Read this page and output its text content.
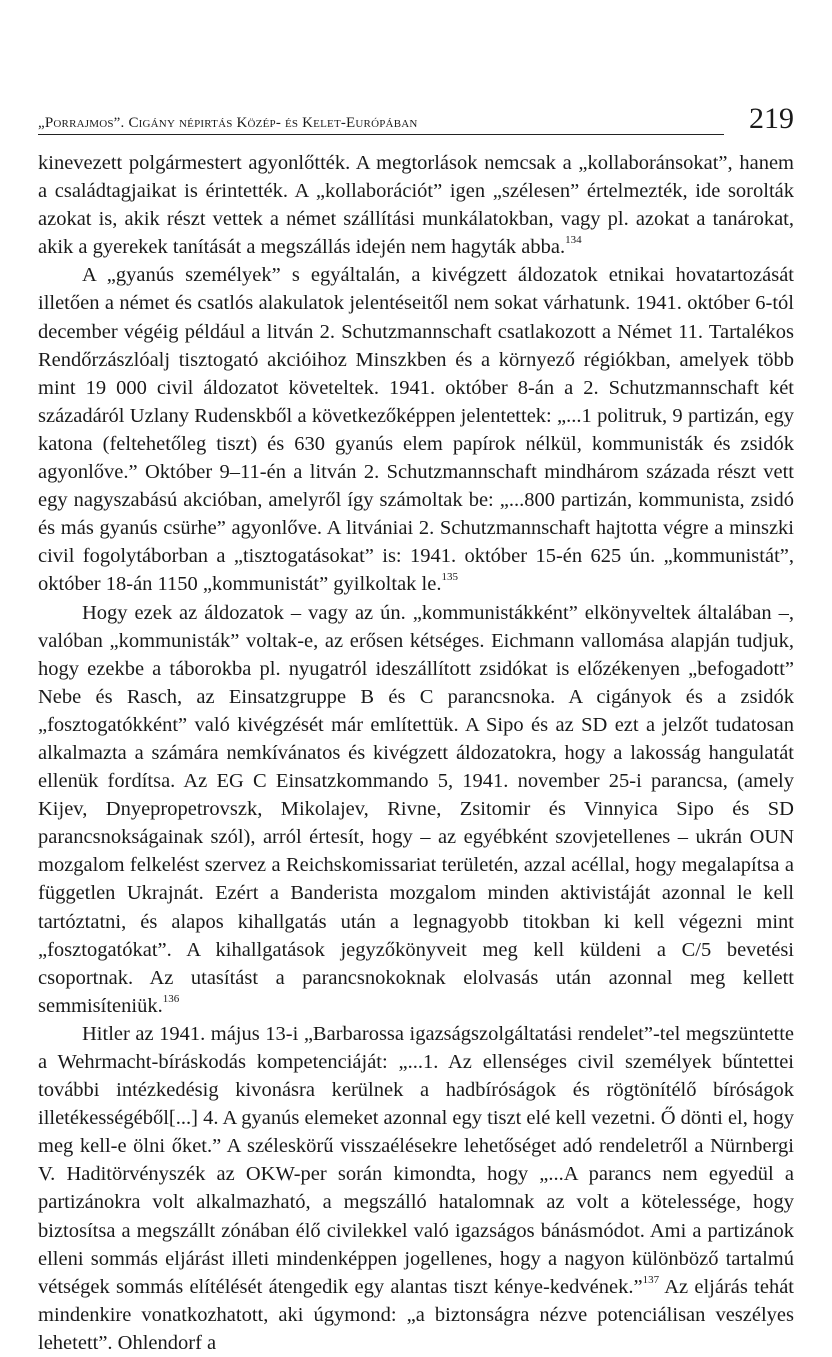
„Porrajmos”. Cigány népirtás Közép- és Kelet-Európában	219

kinevezett polgármestert agyonlőtték. A megtorlások nemcsak a „kollaboránsokat”, hanem a családtagjaikat is érintették. A „kollaborációt” igen „szélesen” értelmezték, ide sorolták azokat is, akik részt vettek a német szállítási munkálatokban, vagy pl. azokat a tanárokat, akik a gyerekek tanítását a megszállás idején nem hagyták abba.$^{134}$

A „gyanús személyek” s egyáltalán, a kivégzett áldozatok etnikai hovatartozását illetően a német és csatlós alakulatok jelentéseitől nem sokat várhatunk. 1941. október 6-tól december végéig például a litván 2. Schutzmannschaft csatlakozott a Német 11. Tartalékos Rendőrzászlóalj tisztogató akcióihoz Minszkben és a környező régiókban, amelyek több mint 19 000 civil áldozatot követeltek. 1941. október 8-án a 2. Schutzmannschaft két századáról Uzlany Rudenskből a következőképpen jelentettek: „...1 politruk, 9 partizán, egy katona (feltehetőleg tiszt) és 630 gyanús elem papírok nélkül, kommunisták és zsidók agyonlőve.” Október 9–11-én a litván 2. Schutzmannschaft mindhárom százada részt vett egy nagyszabású akcióban, amelyről így számoltak be: „...800 partizán, kommunista, zsidó és más gyanús csürhe” agyonlőve. A litvániai 2. Schutzmannschaft hajtotta végre a minszki civil fogolytáborban a „tisztogatásokat” is: 1941. október 15-én 625 ún. „kommunistát”, október 18-án 1150 „kommunistát” gyilkoltak le.$^{135}$

Hogy ezek az áldozatok – vagy az ún. „kommunistákként” elkönyveltek általában –, valóban „kommunisták” voltak-e, az erősen kétséges. Eichmann vallomása alapján tudjuk, hogy ezekbe a táborokba pl. nyugatról ideszállított zsidókat is előzékenyen „befogadott” Nebe és Rasch, az Einsatzgruppe B és C parancsnoka. A cigányok és a zsidók „fosztogatókként” való kivégzését már említettük. A Sipo és az SD ezt a jelzőt tudatosan alkalmazta a számára nemkívánatos és kivégzett áldozatokra, hogy a lakosság hangulatát ellenük fordítsa. Az EG C Einsatzkommando 5, 1941. november 25-i parancsa, (amely Kijev, Dnyepropetrovszk, Mikolajev, Rivne, Zsitomir és Vinnyica Sipo és SD parancsnokságainak szól), arról értesít, hogy – az egyébként szovjetellenes – ukrán OUN mozgalom felkelést szervez a Reichskomissariat területén, azzal acéllal, hogy megalapítsa a független Ukrajnát. Ezért a Banderista mozgalom minden aktivistáját azonnal le kell tartóztatni, és alapos kihallgatás után a legnagyobb titokban ki kell végezni mint „fosztogatókat”. A kihallgatások jegyzőkönyveit meg kell küldeni a C/5 bevetési csoportnak. Az utasítást a parancsnokoknak elolvasás után azonnal meg kellett semmisíteniük.$^{136}$

Hitler az 1941. május 13-i „Barbarossa igazságszolgáltatási rendelet”-tel megszüntette a Wehrmacht-bíráskodás kompetenciáját: „...1. Az ellenséges civil személyek bűntettei további intézkedésig kivonásra kerülnek a hadbíróságok és rögtönítélő bíróságok illetékességéből[...] 4. A gyanús elemeket azonnal egy tiszt elé kell vezetni. Ő dönti el, hogy meg kell-e ölni őket.” A széleskörű visszaélésekre lehetőséget adó rendeletről a Nürnbergi V. Haditörvényszék az OKW-per során kimondta, hogy „...A parancs nem egyedül a partizánokra volt alkalmazható, a megszálló hatalomnak az volt a kötelessége, hogy biztosítsa a megszállt zónában élő civilekkel való igazságos bánásmódot. Ami a partizánok elleni sommás eljárást illeti mindenképpen jogellenes, hogy a nagyon különböző tartalmú vétségek sommás elítélését átengedik egy alantas tiszt kénye-kedvének.”$^{137}$ Az eljárás tehát mindenkire vonatkozhatott, aki úgymond: „a biztonságra nézve potenciálisan veszélyes lehetett”. Ohlendorf a
